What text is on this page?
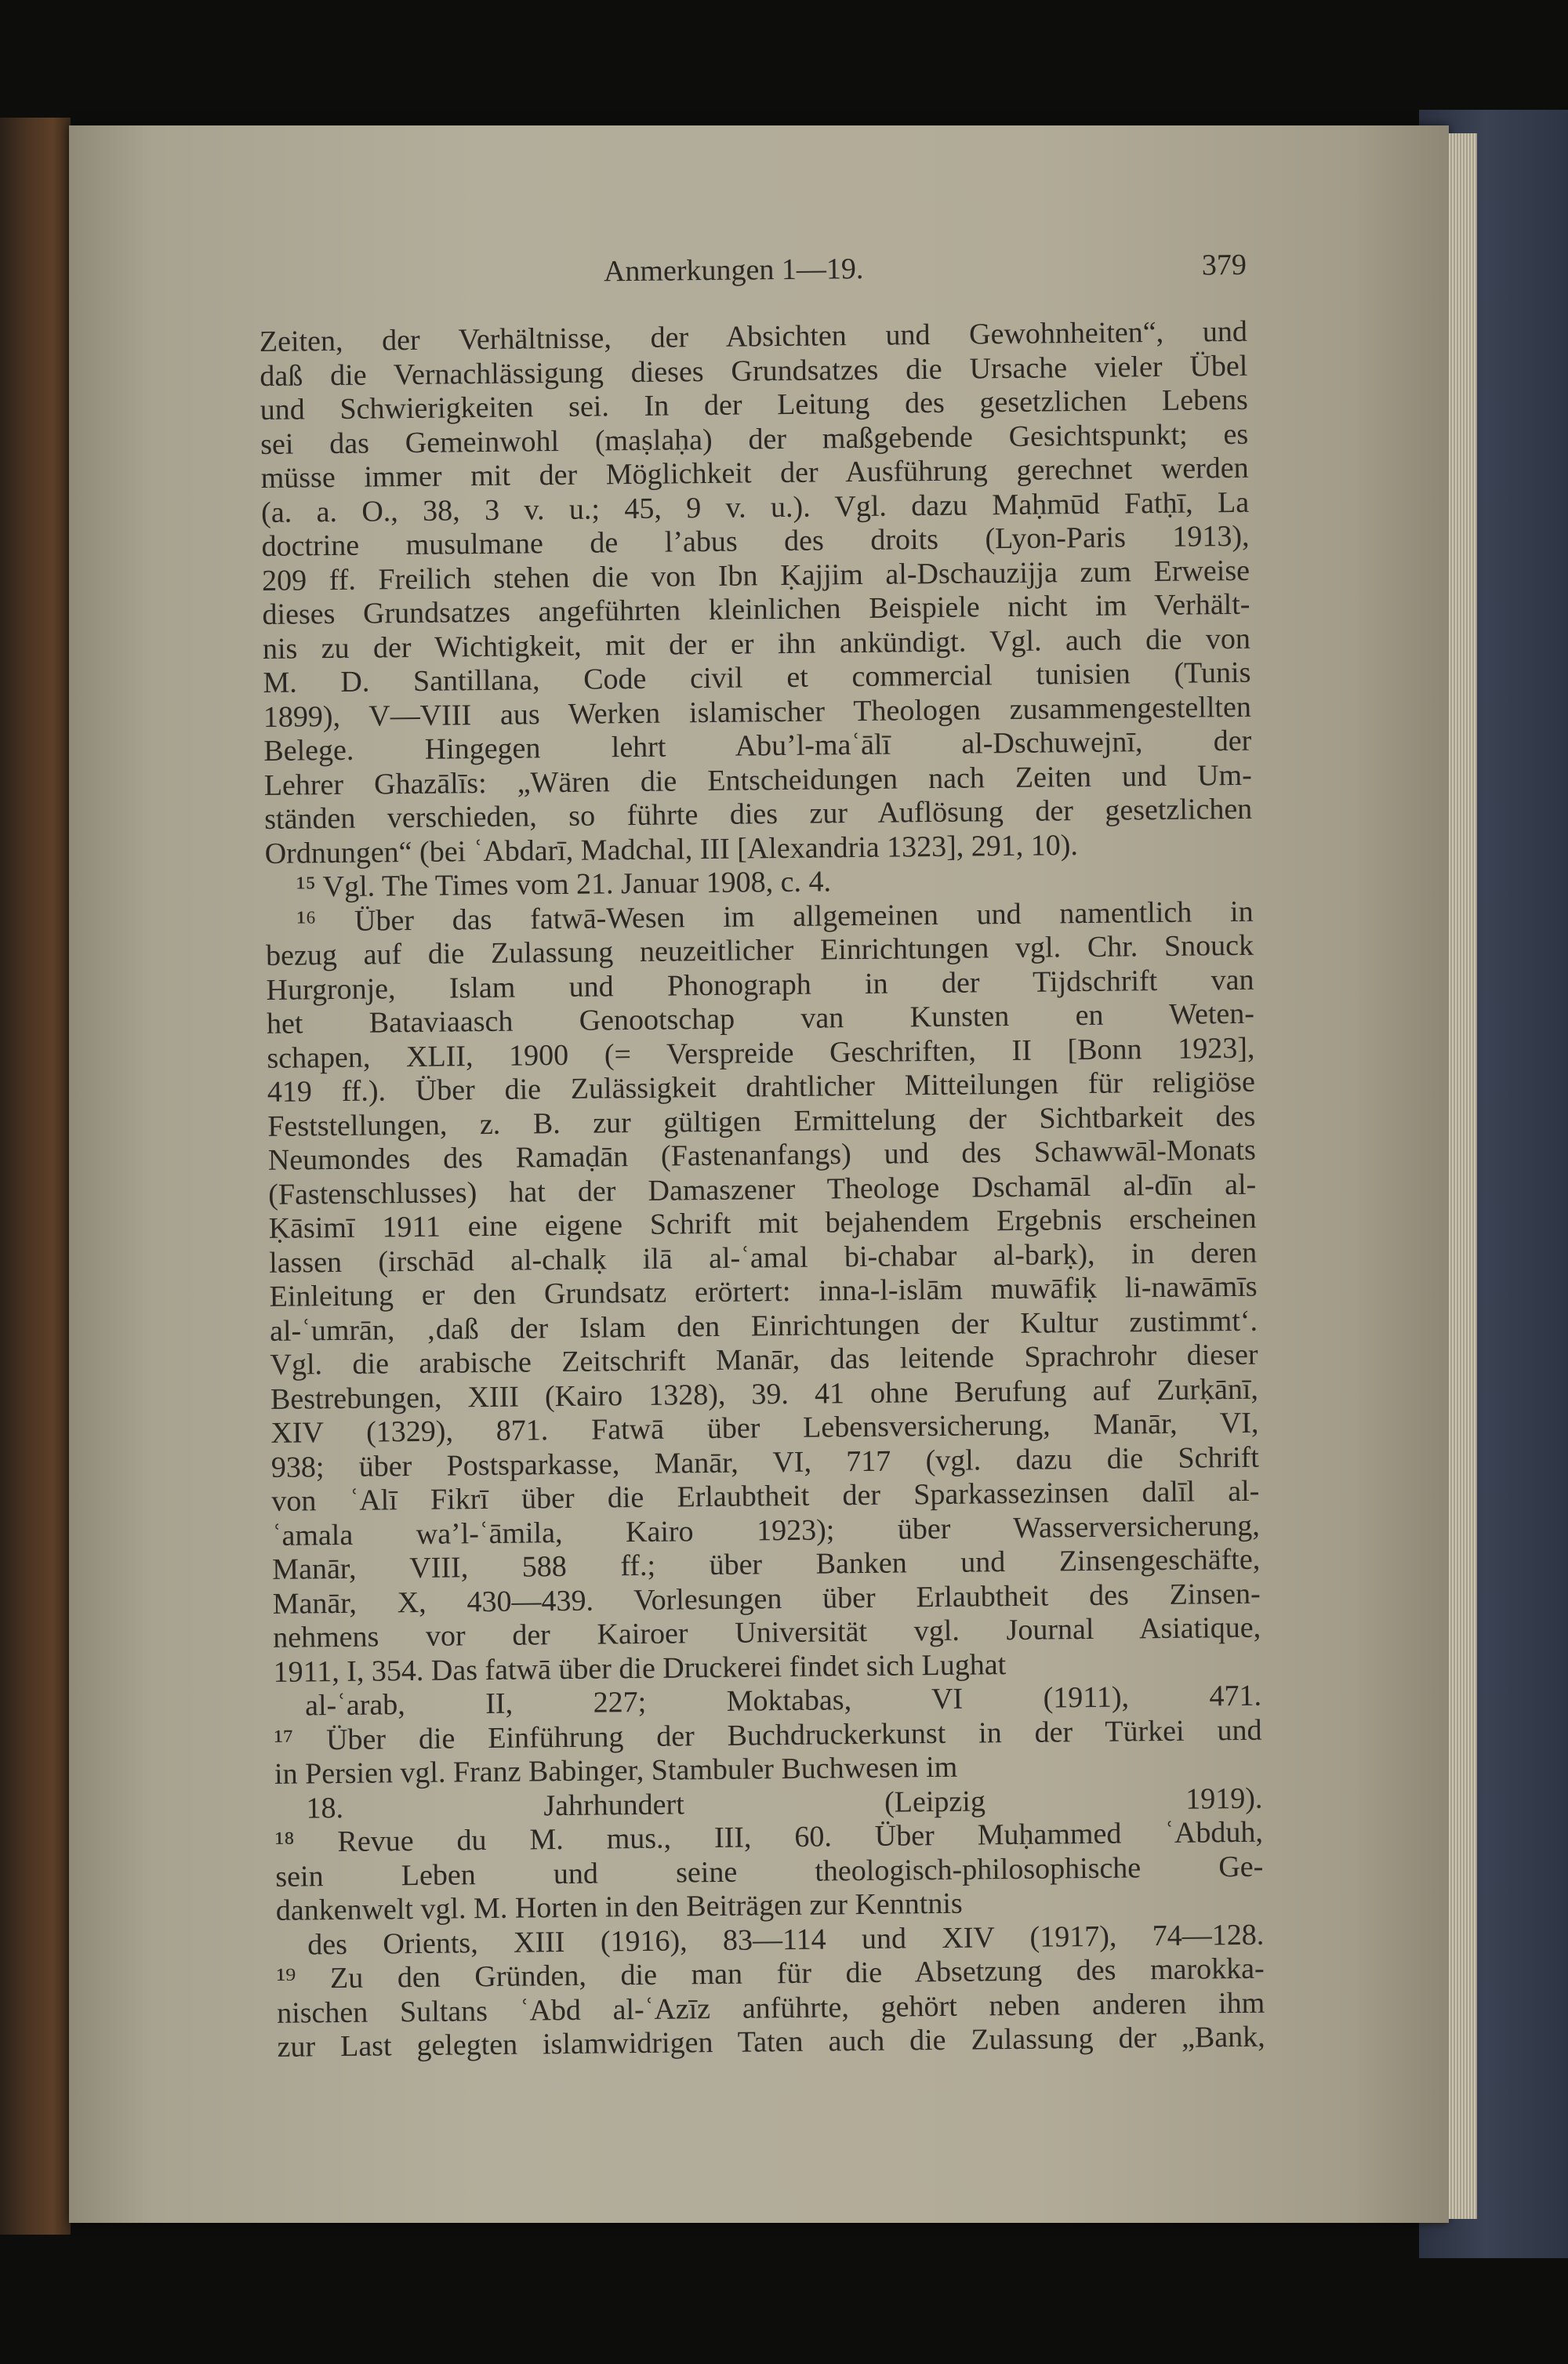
Anmerkungen 1—19.	379
Zeiten, der Verhältnisse, der Absichten und Gewohnheiten“, und
daß die Vernachlässigung dieses Grundsatzes die Ursache vieler Übel
und Schwierigkeiten sei. In der Leitung des gesetzlichen Lebens
sei das Gemeinwohl (maṣlaḥa) der maßgebende Gesichtspunkt; es
müsse immer mit der Möglichkeit der Ausführung gerechnet werden
(a. a. O., 38, 3 v. u.; 45, 9 v. u.). Vgl. dazu Maḥmūd Fatḥī, La
doctrine musulmane de l’abus des droits (Lyon-Paris 1913),
209 ff. Freilich stehen die von Ibn Ḳajjim al-Dschauzijja zum Erweise
dieses Grundsatzes angeführten kleinlichen Beispiele nicht im Verhält-
nis zu der Wichtigkeit, mit der er ihn ankündigt. Vgl. auch die von
M. D. Santillana, Code civil et commercial tunisien (Tunis
1899), V—VIII aus Werken islamischer Theologen zusammengestellten
Belege. Hingegen lehrt Abu’l-maʿālī al-Dschuwejnī, der
Lehrer Ghazālīs: „Wären die Entscheidungen nach Zeiten und Um-
ständen verschieden, so führte dies zur Auflösung der gesetzlichen
Ordnungen“ (bei ʿAbdarī, Madchal, III [Alexandria 1323], 291, 10).
¹⁵ Vgl. The Times vom 21. Januar 1908, c. 4.
¹⁶ Über das fatwā-Wesen im allgemeinen und namentlich in
bezug auf die Zulassung neuzeitlicher Einrichtungen vgl. Chr. Snouck
Hurgronje, Islam und Phonograph in der Tijdschrift van
het Bataviaasch Genootschap van Kunsten en Weten-
schapen, XLII, 1900 (= Verspreide Geschriften, II [Bonn 1923],
419 ff.). Über die Zulässigkeit drahtlicher Mitteilungen für religiöse
Feststellungen, z. B. zur gültigen Ermittelung der Sichtbarkeit des
Neumondes des Ramaḍān (Fastenanfangs) und des Schawwāl-Monats
(Fastenschlusses) hat der Damaszener Theologe Dschamāl al-dīn al-
Ḳāsimī 1911 eine eigene Schrift mit bejahendem Ergebnis erscheinen
lassen (irschād al-chalḳ ilā al-ʿamal bi-chabar al-barḳ), in deren
Einleitung er den Grundsatz erörtert: inna-l-islām muwāfiḳ li-nawāmīs
al-ʿumrān, ‚daß der Islam den Einrichtungen der Kultur zustimmt‘.
Vgl. die arabische Zeitschrift Manār, das leitende Sprachrohr dieser
Bestrebungen, XIII (Kairo 1328), 39. 41 ohne Berufung auf Zurḳānī,
XIV (1329), 871. Fatwā über Lebensversicherung, Manār, VI,
938; über Postsparkasse, Manār, VI, 717 (vgl. dazu die Schrift
von ʿAlī Fikrī über die Erlaubtheit der Sparkassezinsen dalīl al-
ʿamala wa’l-ʿāmila, Kairo 1923); über Wasserversicherung,
Manār, VIII, 588 ff.; über Banken und Zinsengeschäfte,
Manār, X, 430—439. Vorlesungen über Erlaubtheit des Zinsen-
nehmens vor der Kairoer Universität vgl. Journal Asiatique,
1911, I, 354. Das fatwā über die Druckerei findet sich Lughat
al-ʿarab, II, 227; Moktabas, VI (1911), 471.
¹⁷ Über die Einführung der Buchdruckerkunst in der Türkei und
in Persien vgl. Franz Babinger, Stambuler Buchwesen im
18. Jahrhundert (Leipzig 1919).
¹⁸ Revue du M. mus., III, 60. Über Muḥammed ʿAbduh,
sein Leben und seine theologisch-philosophische Ge-
dankenwelt vgl. M. Horten in den Beiträgen zur Kenntnis
des Orients, XIII (1916), 83—114 und XIV (1917), 74—128.
¹⁹ Zu den Gründen, die man für die Absetzung des marokka-
nischen Sultans ʿAbd al-ʿAzīz anführte, gehört neben anderen ihm
zur Last gelegten islamwidrigen Taten auch die Zulassung der „Bank,
